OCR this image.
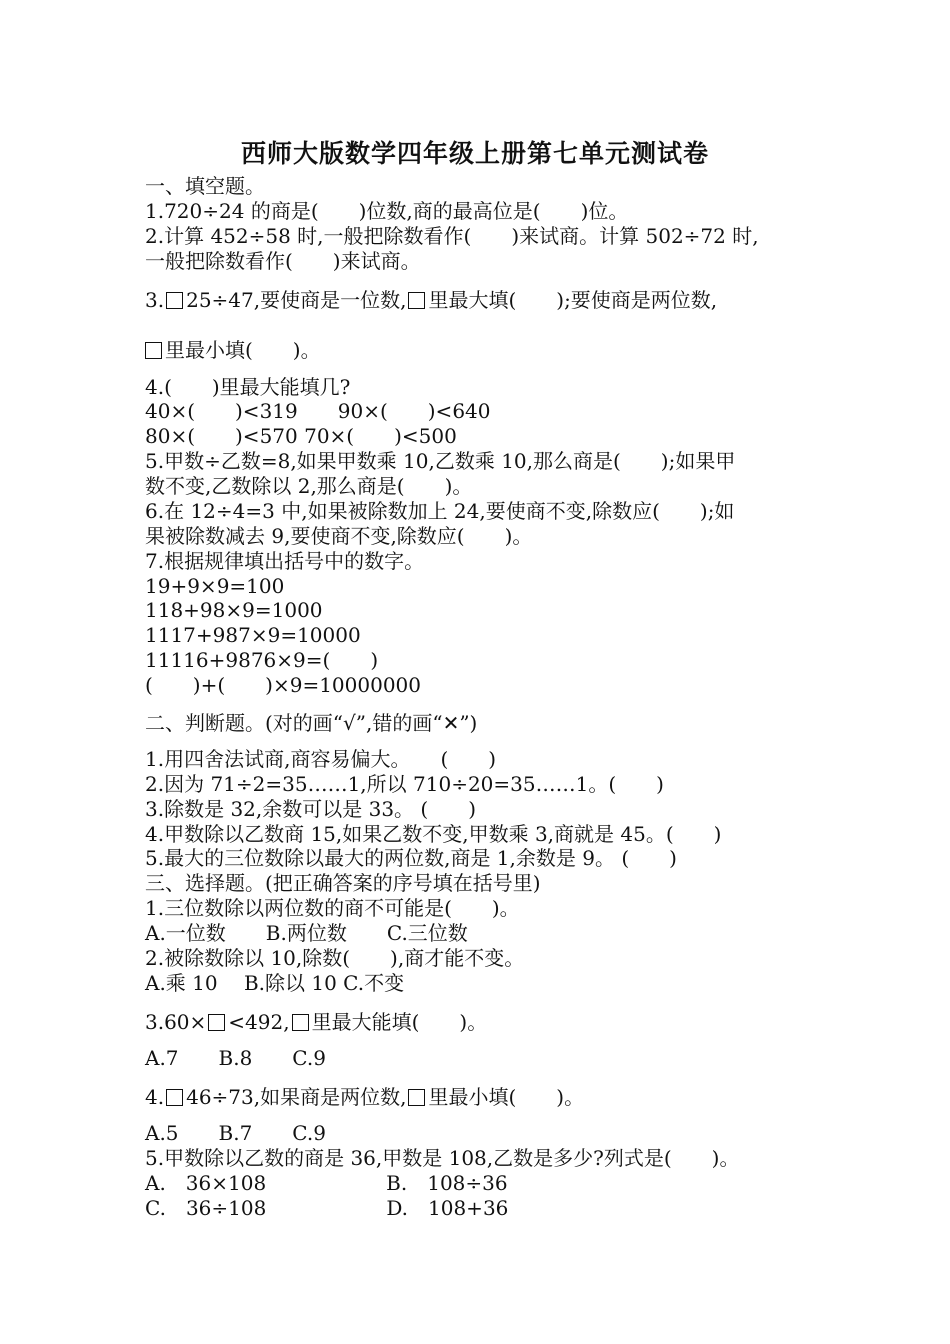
西师大版数学四年级上册第七单元测试卷
一、填空题。
1.720÷24 的商是(　　)位数,商的最高位是(　　)位。
2.计算 452÷58 时,一般把除数看作(　　)来试商。计算 502÷72 时,
一般把除数看作(　　)来试商。
3. 25÷47,要使商是一位数, 里最大填(　　);要使商是两位数,
里最小填(　　)。
4.(　　)里最大能填几?
40×(　　)<319　　90×(　　)<640
80×(　　)<570 70×(　　)<500
5.甲数÷乙数=8,如果甲数乘 10,乙数乘 10,那么商是(　　);如果甲
数不变,乙数除以 2,那么商是(　　)。
6.在 12÷4=3 中,如果被除数加上 24,要使商不变,除数应(　　);如
果被除数减去 9,要使商不变,除数应(　　)。
7.根据规律填出括号中的数字。
19+9×9=100
118+98×9=1000
1117+987×9=10000
11116+9876×9=(　　)
(　　)+(　　)×9=10000000
二、判断题。(对的画“√”,错的画“✕”)
1.用四舍法试商,商容易偏大。　　(　　)
2.因为 71÷2=35……1,所以 710÷20=35……1。(　　)
3.除数是 32,余数可以是 33。 (　　)
4.甲数除以乙数商 15,如果乙数不变,甲数乘 3,商就是 45。(　　)
5.最大的三位数除以最大的两位数,商是 1,余数是 9。 (　　)
三、选择题。(把正确答案的序号填在括号里)
1.三位数除以两位数的商不可能是(　　)。
A.一位数　　B.两位数　　C.三位数
2.被除数除以 10,除数(　　),商才能不变。
A.乘 10　 B.除以 10 C.不变
3.60× <492, 里最大能填(　　)。
A.7　　B.8　　C.9
4. 46÷73,如果商是两位数, 里最小填(　　)。
A.5　　B.7　　C.9
5.甲数除以乙数的商是 36,甲数是 108,乙数是多少?列式是(　　)。
A.　36×108　　　　　　B.　108÷36
C.　36÷108　　　　　　D.　108+36
